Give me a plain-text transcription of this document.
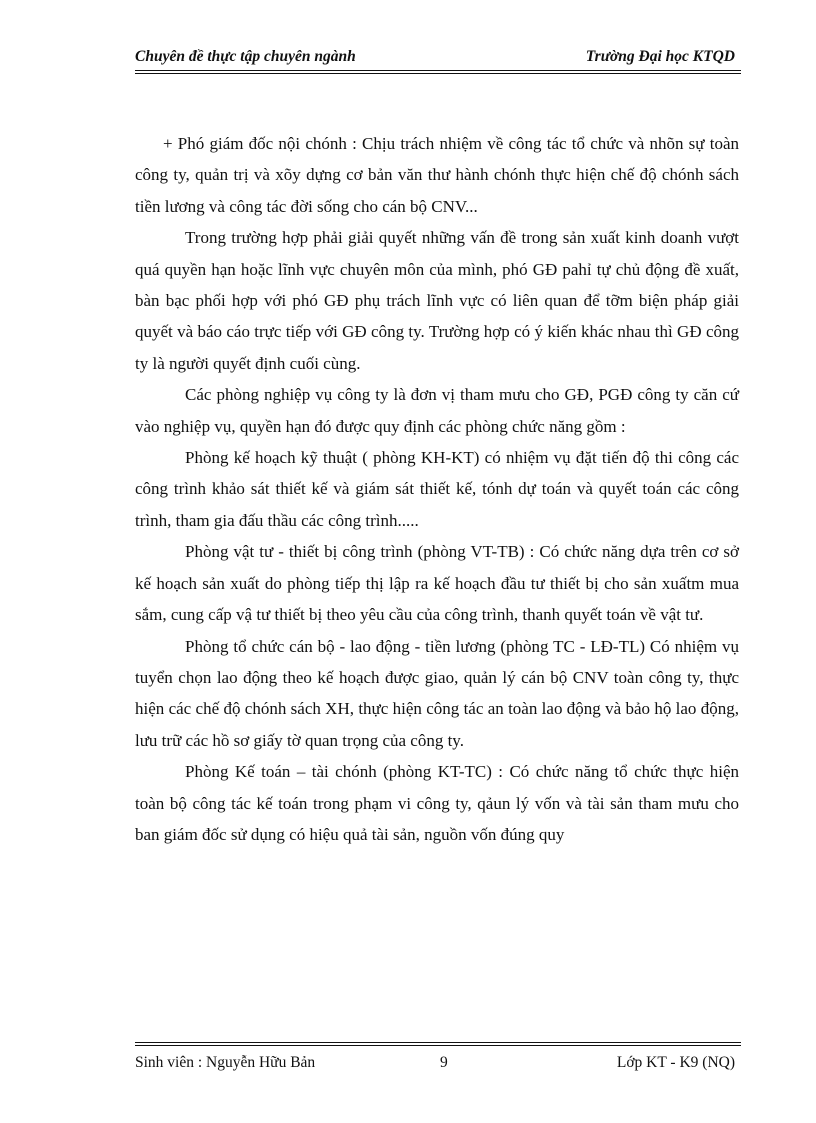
Chuyên đề thực tập chuyên ngành	Trường Đại học KTQD

+ Phó giám đốc nội chónh : Chịu trách nhiệm về công tác tổ chức và nhõn sự toàn công ty, quản trị và xõy dựng cơ bản văn thư hành chónh thực hiện chế độ chónh sách tiền lương và công tác đời sống cho cán bộ CNV...

Trong trường hợp phải giải quyết những vấn đề trong sản xuất kinh doanh vượt quá quyền hạn hoặc lĩnh vực chuyên môn của mình, phó GĐ pahỉ tự chủ động đề xuất, bàn bạc phối hợp với phó GĐ phụ trách lĩnh vực có liên quan để tỡm biện pháp giải quyết và báo cáo trực tiếp với GĐ công ty. Trường hợp có ý kiến khác nhau thì GĐ công ty là người quyết định cuối cùng.

Các phòng nghiệp vụ công ty là đơn vị tham mưu cho GĐ, PGĐ công ty căn cứ vào nghiệp vụ, quyền hạn đó được quy định các phòng chức năng gồm :

Phòng kế hoạch kỹ thuật ( phòng KH-KT) có nhiệm vụ đặt tiến độ thi công các công trình khảo sát thiết kế và giám sát thiết kế, tónh dự toán và quyết toán các công trình, tham gia đấu thầu các công trình.....

Phòng vật tư - thiết bị công trình (phòng VT-TB) : Có chức năng dựa trên cơ sở kế hoạch sản xuất do phòng tiếp thị lập ra kế hoạch đầu tư thiết bị cho sản xuấtm mua sắm, cung cấp vậ tư thiết bị theo yêu cầu của công trình, thanh quyết toán về vật tư.

Phòng tổ chức cán bộ - lao động - tiền lương (phòng TC - LĐ-TL) Có nhiệm vụ tuyển chọn lao động theo kế hoạch được giao, quản lý cán bộ CNV toàn công ty, thực hiện các chế độ chónh sách XH, thực hiện công tác an toàn lao động và bảo hộ lao động, lưu trữ các hồ sơ giấy tờ quan trọng của công ty.

Phòng Kế toán – tài chónh (phòng KT-TC) : Có chức năng tổ chức thực hiện toàn bộ công tác kế toán trong phạm vi công ty, qảun lý vốn và tài sản tham mưu cho ban giám đốc sử dụng có hiệu quả tài sản, nguồn vốn đúng quy

Sinh viên : Nguyễn Hữu Bản	9	Lớp KT - K9 (NQ)
